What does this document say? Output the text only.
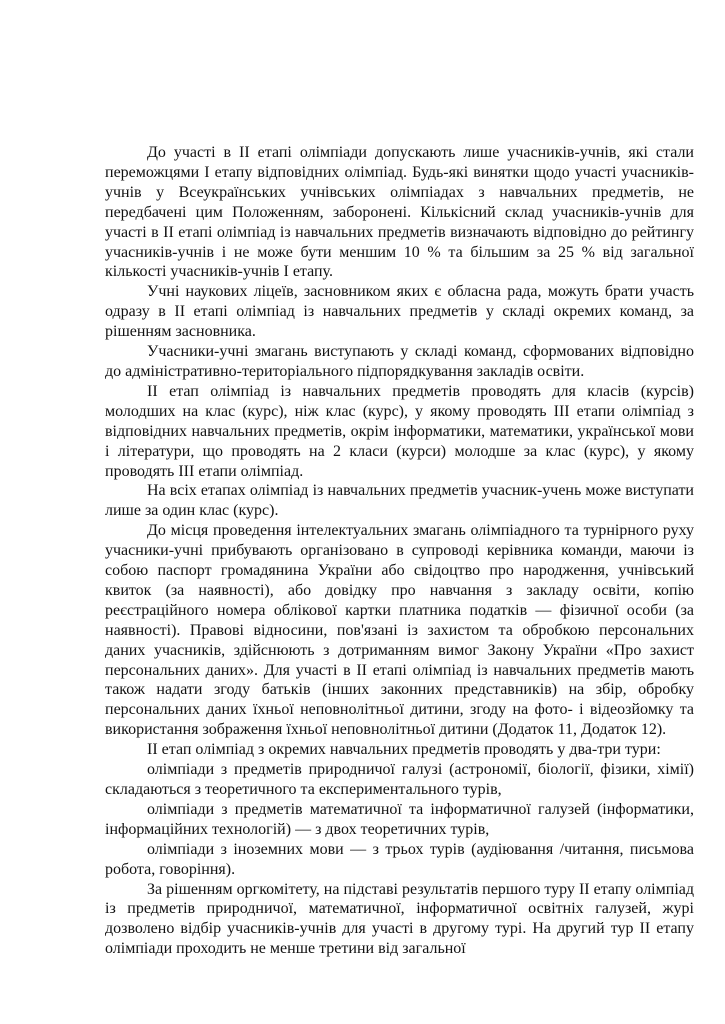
До участі в ІІ етапі олімпіади допускають лише учасників-учнів, які стали переможцями І етапу відповідних олімпіад. Будь-які винятки щодо участі учасників-учнів у Всеукраїнських учнівських олімпіадах з навчальних предметів, не передбачені цим Положенням, заборонені. Кількісний склад учасників-учнів для участі в ІІ етапі олімпіад із навчальних предметів визначають відповідно до рейтингу учасників-учнів і не може бути меншим 10 % та більшим за 25 % від загальної кількості учасників-учнів І етапу.

Учні наукових ліцеїв, засновником яких є обласна рада, можуть брати участь одразу в ІІ етапі олімпіад із навчальних предметів у складі окремих команд, за рішенням засновника.

Учасники-учні змагань виступають у складі команд, сформованих відповідно до адміністративно-територіального підпорядкування закладів освіти.

ІІ етап олімпіад із навчальних предметів проводять для класів (курсів) молодших на клас (курс), ніж клас (курс), у якому проводять ІІІ етапи олімпіад з відповідних навчальних предметів, окрім інформатики, математики, української мови і літератури, що проводять на 2 класи (курси) молодше за клас (курс), у якому проводять ІІІ етапи олімпіад.

На всіх етапах олімпіад із навчальних предметів учасник-учень може виступати лише за один клас (курс).

До місця проведення інтелектуальних змагань олімпіадного та турнірного руху учасники-учні прибувають організовано в супроводі керівника команди, маючи із собою паспорт громадянина України або свідоцтво про народження, учнівський квиток (за наявності), або довідку про навчання з закладу освіти, копію реєстраційного номера облікової картки платника податків — фізичної особи (за наявності). Правові відносини, пов'язані із захистом та обробкою персональних даних учасників, здійснюють з дотриманням вимог Закону України «Про захист персональних даних». Для участі в ІІ етапі олімпіад із навчальних предметів мають також надати згоду батьків (інших законних представників) на збір, обробку персональних даних їхньої неповнолітньої дитини, згоду на фото- і відеозйомку та використання зображення їхньої неповнолітньої дитини (Додаток 11, Додаток 12).

ІІ етап олімпіад з окремих навчальних предметів проводять у два-три тури:

олімпіади з предметів природничої галузі (астрономії, біології, фізики, хімії) складаються з теоретичного та експериментального турів,

олімпіади з предметів математичної та інформатичної галузей (інформатики, інформаційних технологій) — з двох теоретичних турів,

олімпіади з іноземних мови — з трьох турів (аудіювання /читання, письмова робота, говоріння).

За рішенням оргкомітету, на підставі результатів першого туру ІІ етапу олімпіад із предметів природничої, математичної, інформатичної освітніх галузей, журі дозволено відбір учасників-учнів для участі в другому турі. На другий тур ІІ етапу олімпіади проходить не менше третини від загальної
